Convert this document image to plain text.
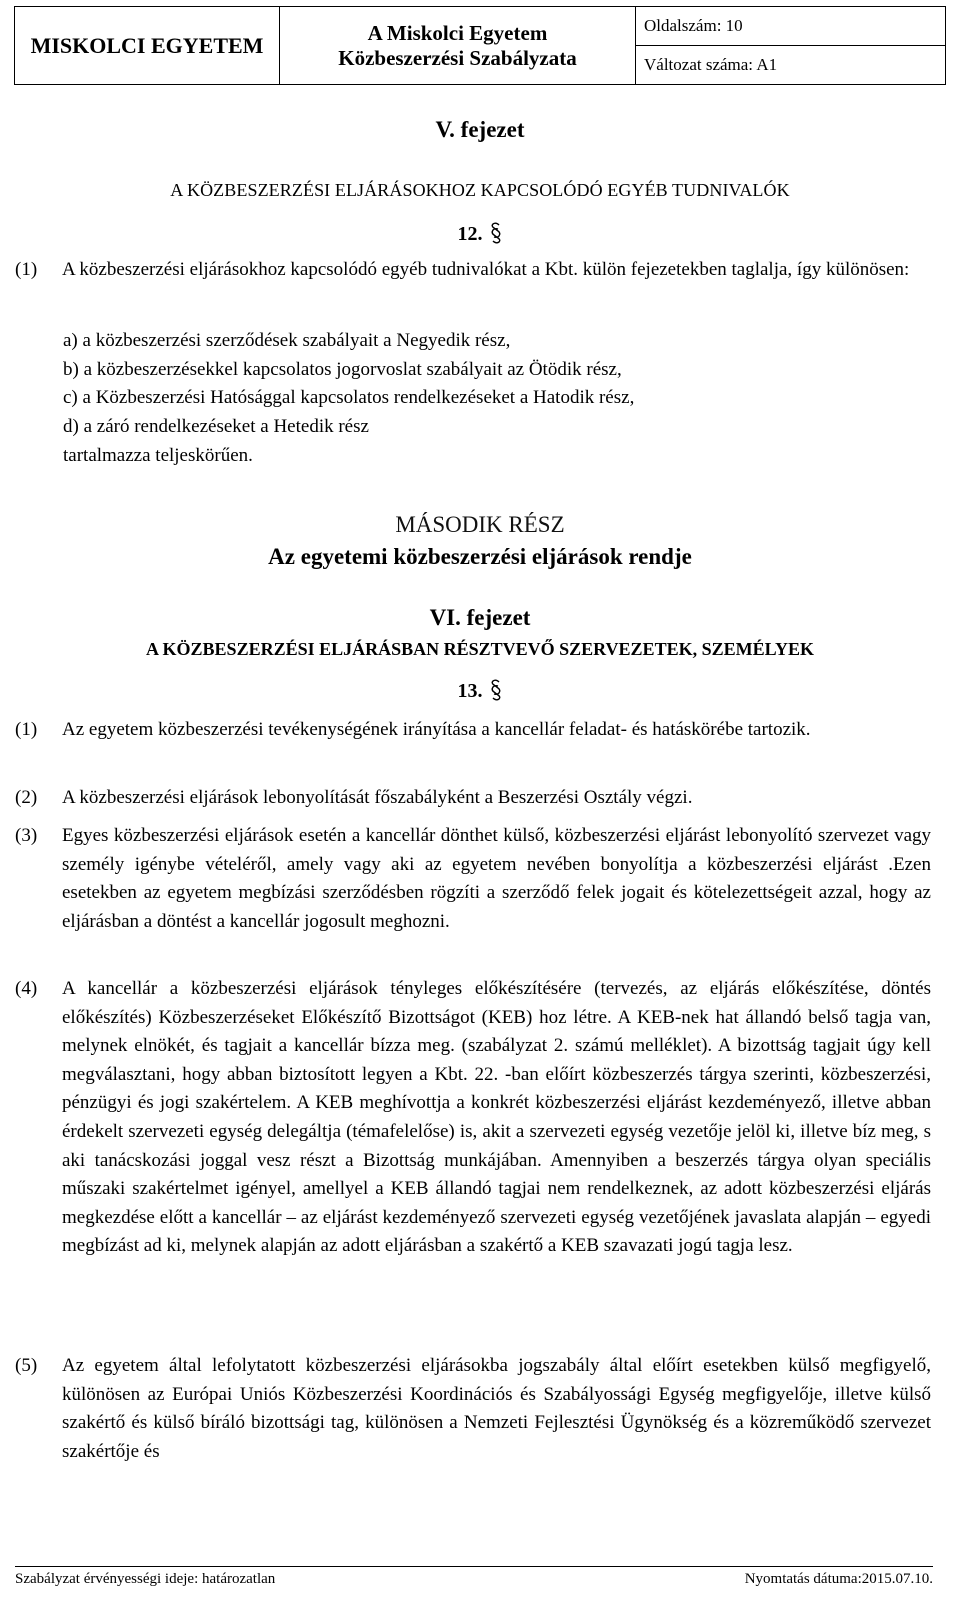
MISKOLCI EGYETEM	A Miskolci Egyetem
Közbeszerzési Szabályzata
	Oldalszám: 10
Változat száma: A1
V. fejezet
A KÖZBESZERZÉSI ELJÁRÁSOKHOZ KAPCSOLÓDÓ EGYÉB TUDNIVALÓK
12.
(1) A közbeszerzési eljárásokhoz kapcsolódó egyéb tudnivalókat a Kbt. külön fejezetekben taglalja, így különösen:
a) a közbeszerzési szerződések szabályait a Negyedik rész,
b) a közbeszerzésekkel kapcsolatos jogorvoslat szabályait az Ötödik rész,
c) a Közbeszerzési Hatósággal kapcsolatos rendelkezéseket a Hatodik rész,
d) a záró rendelkezéseket a Hetedik rész
tartalmazza teljeskörűen.
MÁSODIK RÉSZ
Az egyetemi közbeszerzési eljárások rendje
VI. fejezet
A KÖZBESZERZÉSI ELJÁRÁSBAN RÉSZTVEVŐ SZERVEZETEK, SZEMÉLYEK
13.
(1) Az egyetem közbeszerzési tevékenységének irányítása a kancellár feladat- és hatáskörébe tartozik.
(2) A közbeszerzési eljárások lebonyolítását főszabályként a Beszerzési Osztály végzi.
(3) Egyes közbeszerzési eljárások esetén a kancellár dönthet külső, közbeszerzési eljárást lebonyolító szervezet vagy személy igénybe vételéről, amely vagy aki az egyetem nevében bonyolítja a közbeszerzési eljárást .Ezen esetekben az egyetem megbízási szerződésben rögzíti a szerződő felek jogait és kötelezettségeit azzal, hogy az eljárásban a döntést a kancellár jogosult meghozni.
(4) A kancellár a közbeszerzési eljárások tényleges előkészítésére (tervezés, az eljárás előkészítése, döntés előkészítés) Közbeszerzéseket Előkészítő Bizottságot (KEB) hoz létre. A KEB-nek hat állandó belső tagja van, melynek elnökét, és tagjait a kancellár bízza meg. (szabályzat 2. számú melléklet). A bizottság tagjait úgy kell megválasztani, hogy abban biztosított legyen a Kbt. 22. -ban előírt közbeszerzés tárgya szerinti, közbeszerzési, pénzügyi és jogi szakértelem. A KEB meghívottja a konkrét közbeszerzési eljárást kezdeményező, illetve abban érdekelt szervezeti egység delegáltja (témafelelőse) is, akit a szervezeti egység vezetője jelöl ki, illetve bíz meg, s aki tanácskozási joggal vesz részt a Bizottság munkájában. Amennyiben a beszerzés tárgya olyan speciális műszaki szakértelmet igényel, amellyel a KEB állandó tagjai nem rendelkeznek, az adott közbeszerzési eljárás megkezdése előtt a kancellár – az eljárást kezdeményező szervezeti egység vezetőjének javaslata alapján – egyedi megbízást ad ki, melynek alapján az adott eljárásban a szakértő a KEB szavazati jogú tagja lesz.
(5) Az egyetem által lefolytatott közbeszerzési eljárásokba jogszabály által előírt esetekben külső megfigyelő, különösen az Európai Uniós Közbeszerzési Koordinációs és Szabályossági Egység megfigyelője, illetve külső szakértő és külső bíráló bizottsági tag, különösen a Nemzeti Fejlesztési Ügynökség és a közreműködő szervezet szakértője és
Szabályzat érvényességi ideje: határozatlan	Nyomtatás dátuma:2015.07.10.
